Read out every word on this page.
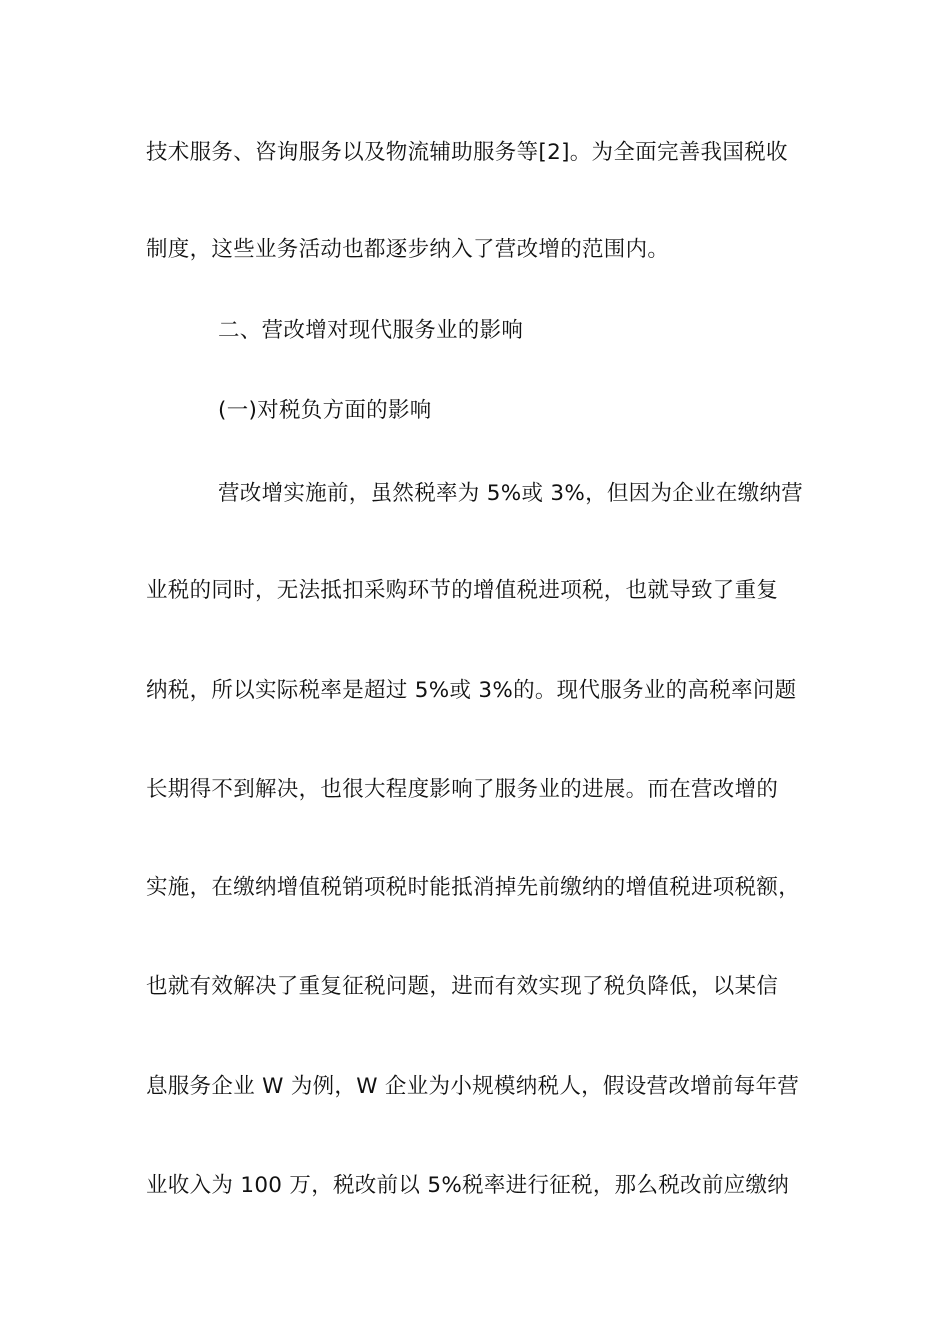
技术服务、咨询服务以及物流辅助服务等[2]。为全面完善我国税收
制度，这些业务活动也都逐步纳入了营改增的范围内。
二、营改增对现代服务业的影响
(一)对税负方面的影响
营改增实施前，虽然税率为 5%或 3%，但因为企业在缴纳营
业税的同时，无法抵扣采购环节的增值税进项税，也就导致了重复
纳税，所以实际税率是超过 5%或 3%的。现代服务业的高税率问题
长期得不到解决，也很大程度影响了服务业的进展。而在营改增的
实施，在缴纳增值税销项税时能抵消掉先前缴纳的增值税进项税额，
也就有效解决了重复征税问题，进而有效实现了税负降低，以某信
息服务企业 W 为例，W 企业为小规模纳税人，假设营改增前每年营
业收入为 100 万，税改前以 5%税率进行征税，那么税改前应缴纳
